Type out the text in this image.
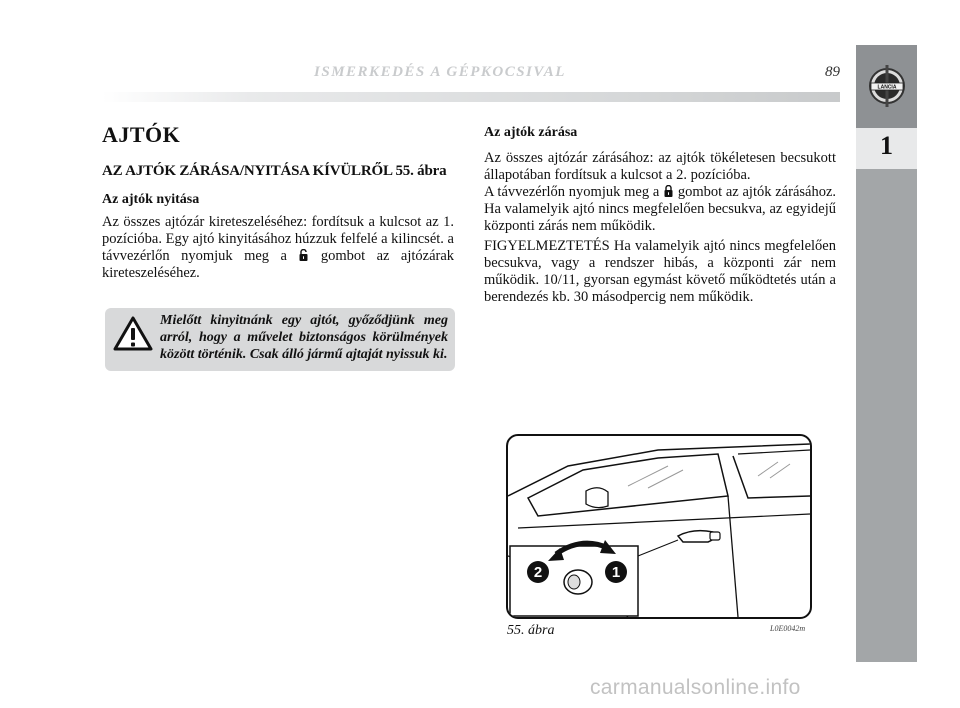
ISMERKEDÉS A GÉPKOCSIVAL	89
LANCIA
1
AJTÓK
AZ AJTÓK ZÁRÁSA/NYITÁSA KÍVÜLRŐL 55. ábra
Az ajtók nyitása
Az összes ajtózár kireteszeléséhez: fordítsuk a kulcsot az 1. pozícióba. Egy ajtó kinyitásához húzzuk felfelé a kilincsét. a távvezérlőn nyomjuk meg a gombot az ajtózárak kireteszeléséhez.
Mielőtt kinyitnánk egy ajtót, győződjünk meg arról, hogy a művelet biztonságos körülmények között történik. Csak álló jármű ajtaját nyissuk ki.
Az ajtók zárása
Az összes ajtózár zárásához: az ajtók tökéletesen becsukott állapotában fordítsuk a kulcsot a 2. pozícióba.
A távvezérlőn nyomjuk meg a gombot az ajtók zárásához. Ha valamelyik ajtó nincs megfelelően becsukva, az egyidejű központi zárás nem működik.
FIGYELMEZTETÉS Ha valamelyik ajtó nincs megfelelően becsukva, vagy a rendszer hibás, a központi zár nem működik. 10/11, gyorsan egymást követő működtetés után a berendezés kb. 30 másodpercig nem működik.
2	1
55. ábra	L0E0042m
carmanualsonline.info
